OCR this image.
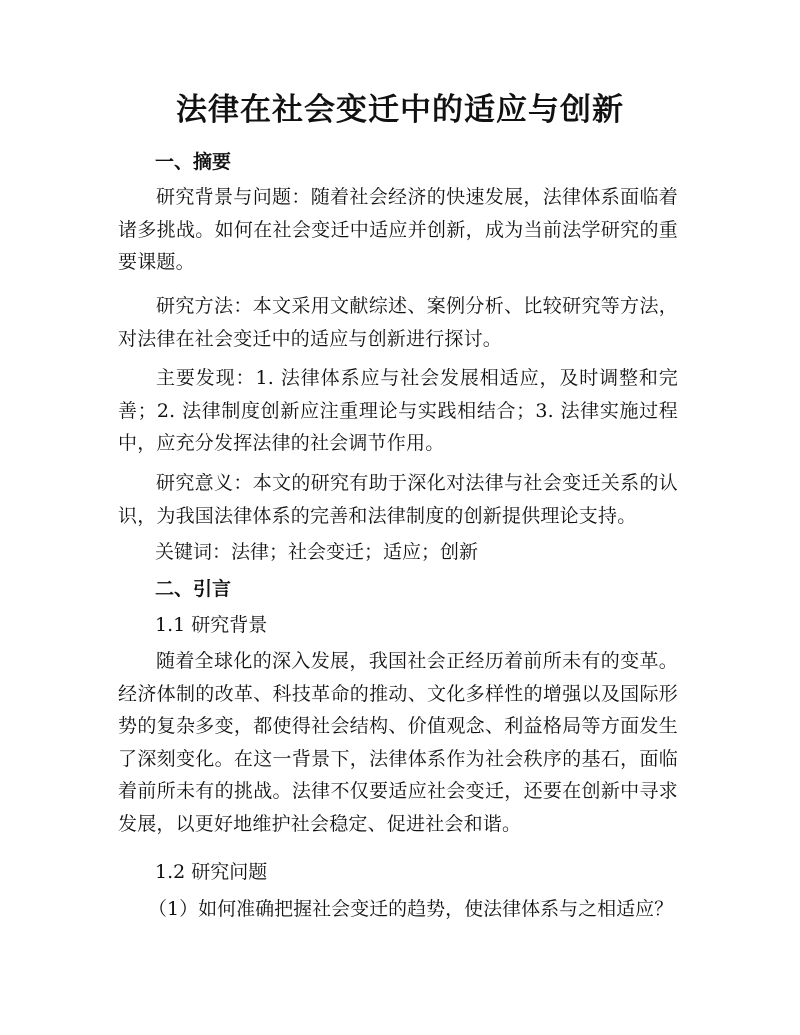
法律在社会变迁中的适应与创新
一、摘要
研究背景与问题：随着社会经济的快速发展，法律体系面临着诸多挑战。如何在社会变迁中适应并创新，成为当前法学研究的重要课题。
研究方法：本文采用文献综述、案例分析、比较研究等方法，对法律在社会变迁中的适应与创新进行探讨。
主要发现：1. 法律体系应与社会发展相适应，及时调整和完善；2. 法律制度创新应注重理论与实践相结合；3. 法律实施过程中，应充分发挥法律的社会调节作用。
研究意义：本文的研究有助于深化对法律与社会变迁关系的认识，为我国法律体系的完善和法律制度的创新提供理论支持。
关键词：法律；社会变迁；适应；创新
二、引言
1.1 研究背景
随着全球化的深入发展，我国社会正经历着前所未有的变革。经济体制的改革、科技革命的推动、文化多样性的增强以及国际形势的复杂多变，都使得社会结构、价值观念、利益格局等方面发生了深刻变化。在这一背景下，法律体系作为社会秩序的基石，面临着前所未有的挑战。法律不仅要适应社会变迁，还要在创新中寻求发展，以更好地维护社会稳定、促进社会和谐。
1.2 研究问题
（1）如何准确把握社会变迁的趋势，使法律体系与之相适应？
